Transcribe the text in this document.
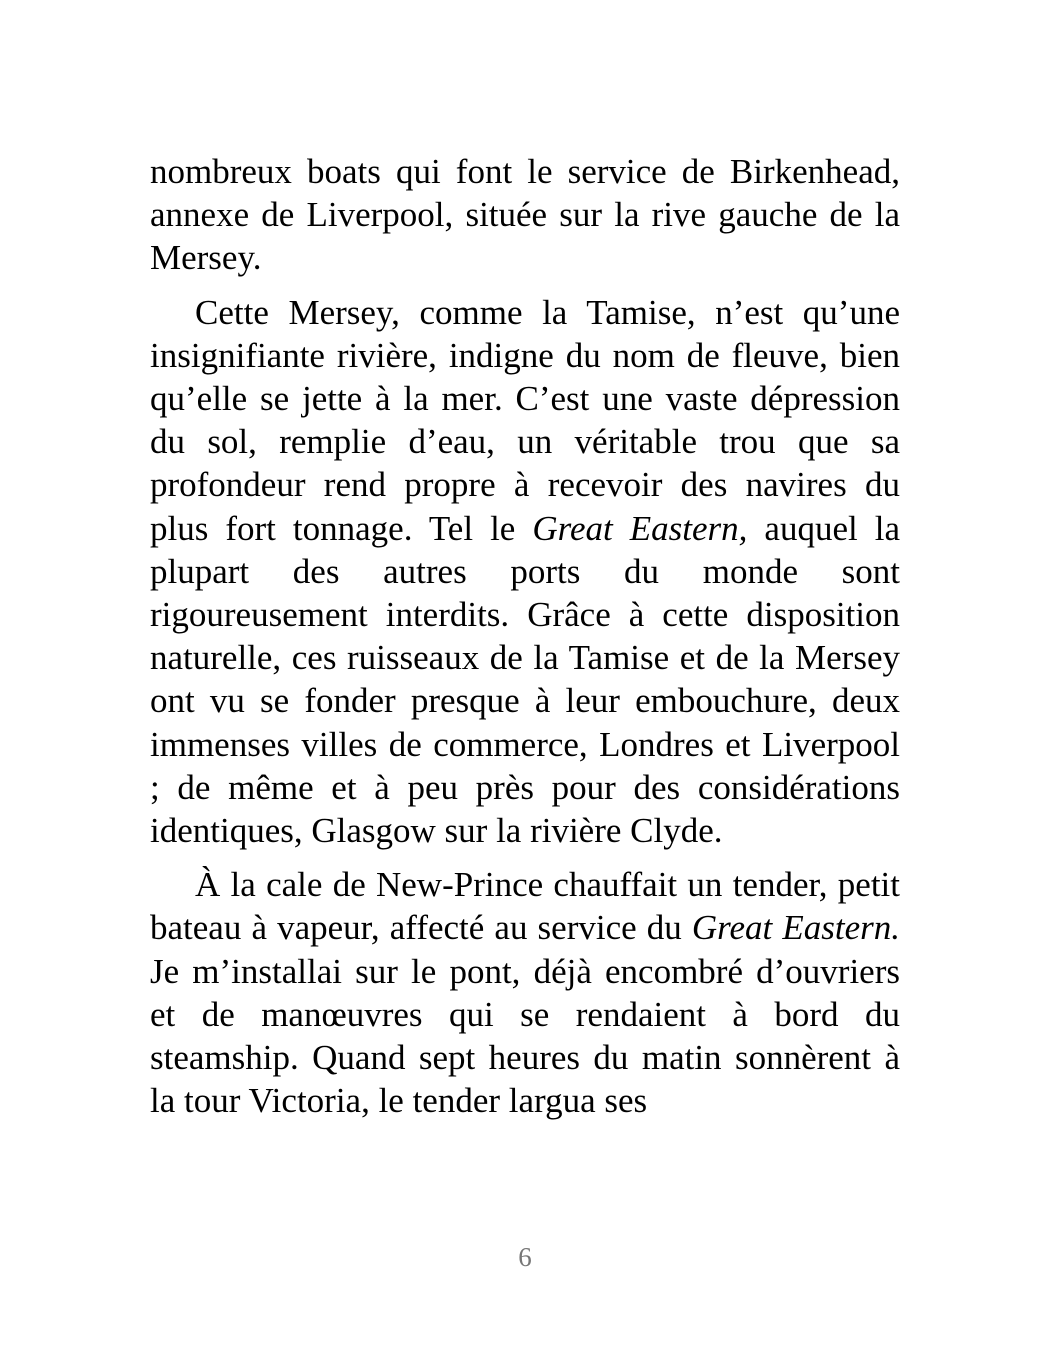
nombreux boats qui font le service de Birkenhead, annexe de Liverpool, située sur la rive gauche de la Mersey.

Cette Mersey, comme la Tamise, n’est qu’une insignifiante rivière, indigne du nom de fleuve, bien qu’elle se jette à la mer. C’est une vaste dépression du sol, remplie d’eau, un véritable trou que sa profondeur rend propre à recevoir des navires du plus fort tonnage. Tel le Great Eastern, auquel la plupart des autres ports du monde sont rigoureusement interdits. Grâce à cette disposition naturelle, ces ruisseaux de la Tamise et de la Mersey ont vu se fonder presque à leur embouchure, deux immenses villes de commerce, Londres et Liverpool ; de même et à peu près pour des considérations identiques, Glasgow sur la rivière Clyde.

À la cale de New-Prince chauffait un tender, petit bateau à vapeur, affecté au service du Great Eastern. Je m’installai sur le pont, déjà encombré d’ouvriers et de manœuvres qui se rendaient à bord du steamship. Quand sept heures du matin sonnèrent à la tour Victoria, le tender largua ses

6
